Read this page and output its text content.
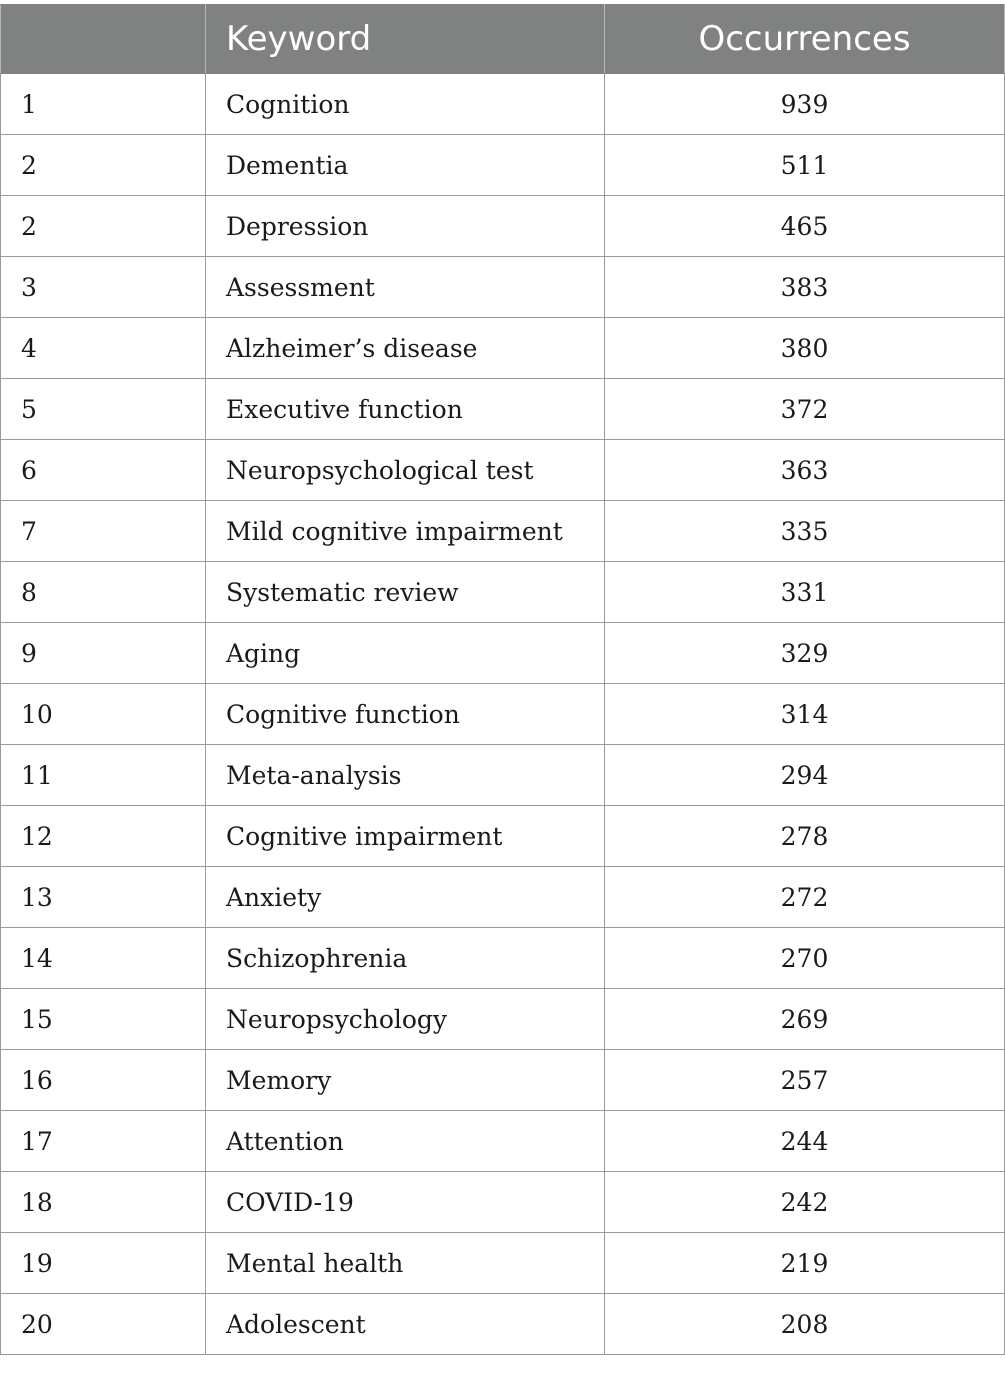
	Keyword	Occurrences
1	Cognition	939
2	Dementia	511
2	Depression	465
3	Assessment	383
4	Alzheimer’s disease	380
5	Executive function	372
6	Neuropsychological test	363
7	Mild cognitive impairment	335
8	Systematic review	331
9	Aging	329
10	Cognitive function	314
11	Meta-analysis	294
12	Cognitive impairment	278
13	Anxiety	272
14	Schizophrenia	270
15	Neuropsychology	269
16	Memory	257
17	Attention	244
18	COVID-19	242
19	Mental health	219
20	Adolescent	208
